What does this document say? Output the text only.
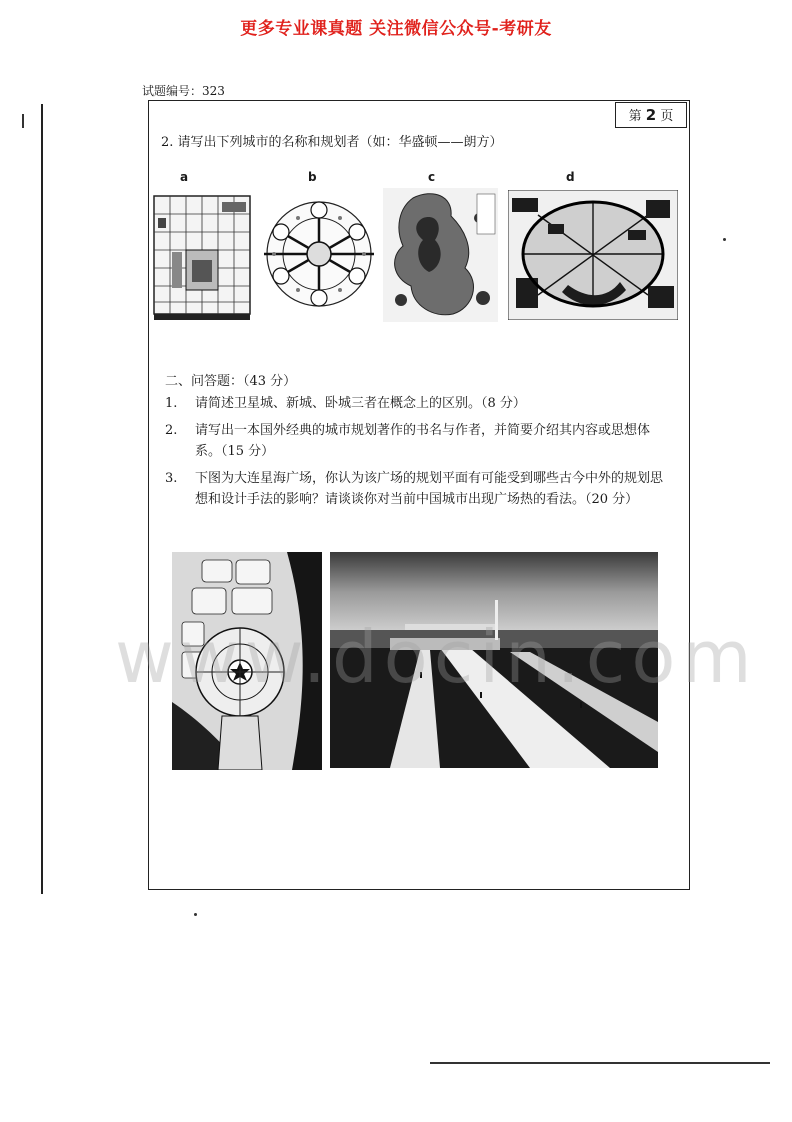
更多专业课真题 关注微信公众号-考研友
试题编号：323
第 2 页
2. 请写出下列城市的名称和规划者（如：华盛顿——朗方）
a	b	c	d
二、问答题：（43 分）
1. 请简述卫星城、新城、卧城三者在概念上的区别。（8 分）
2. 请写出一本国外经典的城市规划著作的书名与作者，并简要介绍其内容或思想体系。（15 分）
3. 下图为大连星海广场，你认为该广场的规划平面有可能受到哪些古今中外的规划思想和设计手法的影响？请谈谈你对当前中国城市出现广场热的看法。（20 分）
www.docin.com
